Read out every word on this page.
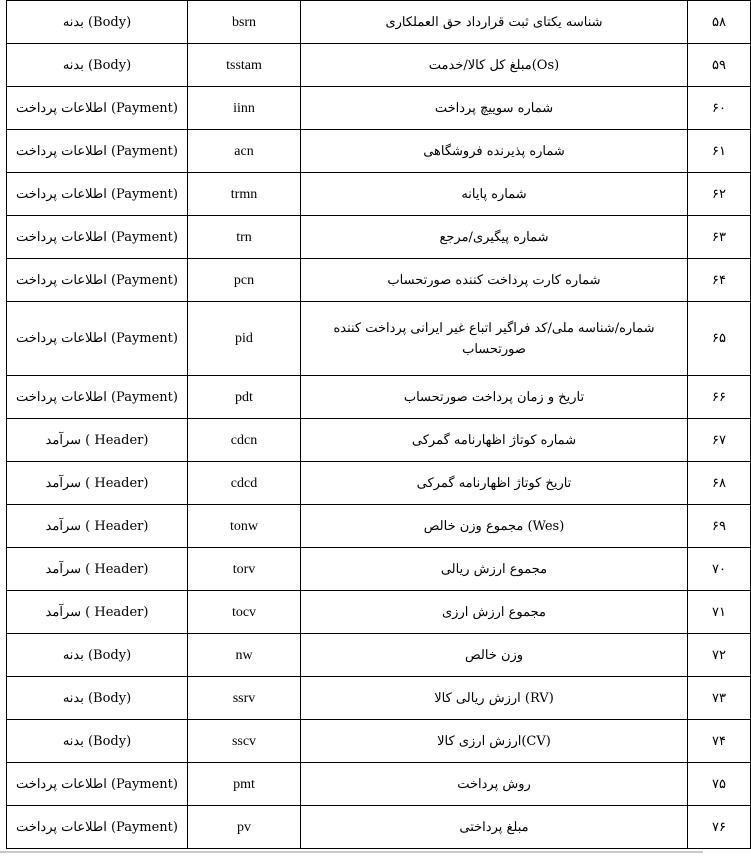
(Body) بدنه	bsrn	شناسه یکتای ثبت قرارداد حق العملکاری	۵۸
(Body) بدنه	tsstam	(Os)مبلغ کل کالا/خدمت	۵۹
(Payment) اطلاعات پرداخت	iinn	شماره سوییچ پرداخت	۶۰
(Payment) اطلاعات پرداخت	acn	شماره پذیرنده فروشگاهی	۶۱
(Payment) اطلاعات پرداخت	trmn	شماره پایانه	۶۲
(Payment) اطلاعات پرداخت	trn	شماره پیگیری/مرجع	۶۳
(Payment) اطلاعات پرداخت	pcn	شماره کارت پرداخت کننده صورتحساب	۶۴
(Payment) اطلاعات پرداخت	pid	شماره/شناسه ملی/کد فراگیر اتباع غیر ایرانی پرداخت کننده صورتحساب	۶۵
(Payment) اطلاعات پرداخت	pdt	تاریخ و زمان پرداخت صورتحساب	۶۶
(Header ) سرآمد	cdcn	شماره کوتاژ اظهارنامه گمرکی	۶۷
(Header ) سرآمد	cdcd	تاریخ کوتاژ اظهارنامه گمرکی	۶۸
(Header ) سرآمد	tonw	(Wes) مجموع وزن خالص	۶۹
(Header ) سرآمد	torv	مجموع ارزش ریالی	۷۰
(Header ) سرآمد	tocv	مجموع ارزش ارزی	۷۱
(Body) بدنه	nw	وزن خالص	۷۲
(Body) بدنه	ssrv	(RV) ارزش ریالی کالا	۷۳
(Body) بدنه	sscv	(CV)ارزش ارزی کالا	۷۴
(Payment) اطلاعات پرداخت	pmt	روش پرداخت	۷۵
(Payment) اطلاعات پرداخت	pv	مبلغ پرداختی	۷۶
